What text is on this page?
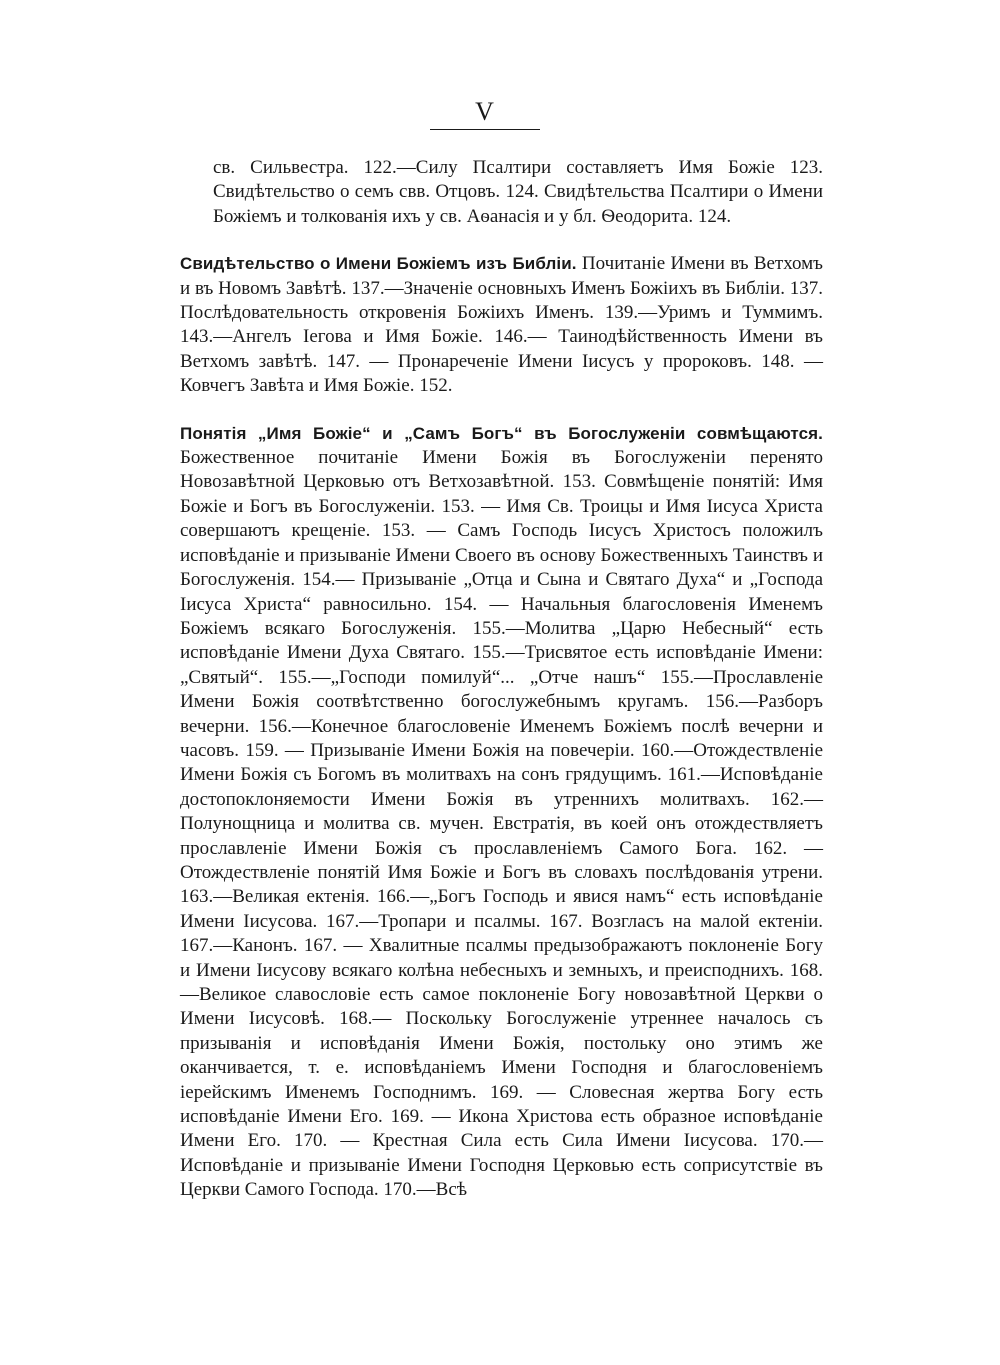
V

св. Сильвестра. 122.—Силу Псалтири составляетъ Имя Божіе 123. Свидѣтельство о семъ свв. Отцовъ. 124. Свидѣтельства Псалтири о Имени Божіемъ и толкованія ихъ у св. Аѳанасія и у бл. Ѳеодорита. 124.

Свидѣтельство о Имени Божіемъ изъ Библіи. Почитаніе Имени въ Ветхомъ и въ Новомъ Завѣтѣ. 137.—Значеніе основныхъ Именъ Божіихъ въ Библіи. 137. Послѣдовательность откровенія Божіихъ Именъ. 139.—Уримъ и Туммимъ. 143.—Ангелъ Іегова и Имя Божіе. 146.— Таинодѣйственность Имени въ Ветхомъ завѣтѣ. 147. — Пронареченіе Имени Іисусъ у пророковъ. 148. — Ковчегъ Завѣта и Имя Божіе. 152.

Понятія „Имя Божіе“ и „Самъ Богъ“ въ Богослуженіи совмѣщаются. Божественное почитаніе Имени Божія въ Богослуженіи перенято Новозавѣтной Церковью отъ Ветхозавѣтной. 153. Совмѣщеніе понятій: Имя Божіе и Богъ въ Богослуженіи. 153. — Имя Св. Троицы и Имя Іисуса Христа совершаютъ крещеніе. 153. — Самъ Господь Іисусъ Христосъ положилъ исповѣданіе и призываніе Имени Своего въ основу Божественныхъ Таинствъ и Богослуженія. 154.— Призываніе „Отца и Сына и Святаго Духа“ и „Господа Іисуса Христа“ равносильно. 154. — Начальныя благословенія Именемъ Божіемъ всякаго Богослуженія. 155.—Молитва „Царю Небесный“ есть исповѣданіе Имени Духа Святаго. 155.—Трисвятое есть исповѣданіе Имени: „Святый“. 155.—„Господи помилуй“... „Отче нашъ“ 155.—Прославленіе Имени Божія соотвѣтственно богослужебнымъ кругамъ. 156.—Разборъ вечерни. 156.—Конечное благословеніе Именемъ Божіемъ послѣ вечерни и часовъ. 159. — Призываніе Имени Божія на повечеріи. 160.—Отождествленіе Имени Божія съ Богомъ въ молитвахъ на сонъ грядущимъ. 161.—Исповѣданіе достопоклоняемости Имени Божія въ утреннихъ молитвахъ. 162.—Полунощница и молитва св. мучен. Евстратія, въ коей онъ отождествляетъ прославленіе Имени Божія съ прославленіемъ Самого Бога. 162. — Отождествленіе понятій Имя Божіе и Богъ въ словахъ послѣдованія утрени. 163.—Великая ектенія. 166.—„Богъ Господь и явися намъ“ есть исповѣданіе Имени Іисусова. 167.—Тропари и псалмы. 167. Возгласъ на малой ектеніи. 167.—Канонъ. 167. — Хвалитные псалмы предызображаютъ поклоненіе Богу и Имени Іисусову всякаго колѣна небесныхъ и земныхъ, и преисподнихъ. 168.—Великое славословіе есть самое поклоненіе Богу новозавѣтной Церкви о Имени Іисусовѣ. 168.— Поскольку Богослуженіе утреннее началось съ призыванія и исповѣданія Имени Божія, постольку оно этимъ же оканчивается, т. е. исповѣданіемъ Имени Господня и благословеніемъ іерейскимъ Именемъ Господнимъ. 169. — Словесная жертва Богу есть исповѣданіе Имени Его. 169. — Икона Христова есть образное исповѣданіе Имени Его. 170. — Крестная Сила есть Сила Имени Іисусова. 170.—Исповѣданіе и призываніе Имени Господня Церковью есть соприсутствіе въ Церкви Самого Господа. 170.—Всѣ
